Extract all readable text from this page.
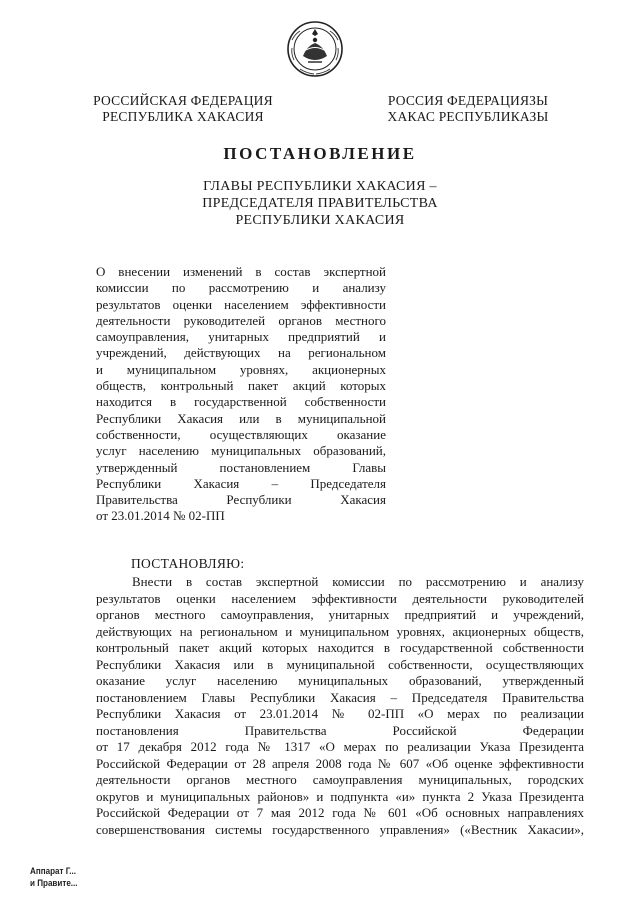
РОССИЙСКАЯ ФЕДЕРАЦИЯ
РЕСПУБЛИКА ХАКАСИЯ
РОССИЯ ФЕДЕРАЦИЯЗЫ
ХАКАС РЕСПУБЛИКАЗЫ
ПОСТАНОВЛЕНИЕ
ГЛАВЫ РЕСПУБЛИКИ ХАКАСИЯ –
ПРЕДСЕДАТЕЛЯ ПРАВИТЕЛЬСТВА
РЕСПУБЛИКИ ХАКАСИЯ
О внесении изменений в состав экспертной
комиссии по рассмотрению и анализу
результатов оценки населением эффективности
деятельности руководителей органов местного
самоуправления, унитарных предприятий и
учреждений, действующих на региональном
и муниципальном уровнях, акционерных
обществ, контрольный пакет акций которых
находится в государственной собственности
Республики Хакасия или в муниципальной
собственности, осуществляющих оказание
услуг населению муниципальных образований,
утвержденный постановлением Главы
Республики Хакасия – Председателя
Правительства Республики Хакасия
от 23.01.2014 № 02-ПП
ПОСТАНОВЛЯЮ:
Внести в состав экспертной комиссии по рассмотрению и анализу
результатов оценки населением эффективности деятельности руководителей
органов местного самоуправления, унитарных предприятий и учреждений,
действующих на региональном и муниципальном уровнях, акционерных обществ,
контрольный пакет акций которых находится в государственной собственности
Республики Хакасия или в муниципальной собственности, осуществляющих
оказание услуг населению муниципальных образований, утвержденный
постановлением Главы Республики Хакасия – Председателя Правительства
Республики Хакасия от 23.01.2014 № 02-ПП «О мерах по реализации
постановления Правительства Российской Федерации
от 17 декабря 2012 года № 1317 «О мерах по реализации Указа Президента
Российской Федерации от 28 апреля 2008 года № 607 «Об оценке эффективности
деятельности органов местного самоуправления муниципальных, городских
округов и муниципальных районов» и подпункта «и» пункта 2 Указа Президента
Российской Федерации от 7 мая 2012 года № 601 «Об основных направлениях
совершенствования системы государственного управления» («Вестник Хакасии»,
Аппарат Г...
и Правите...
